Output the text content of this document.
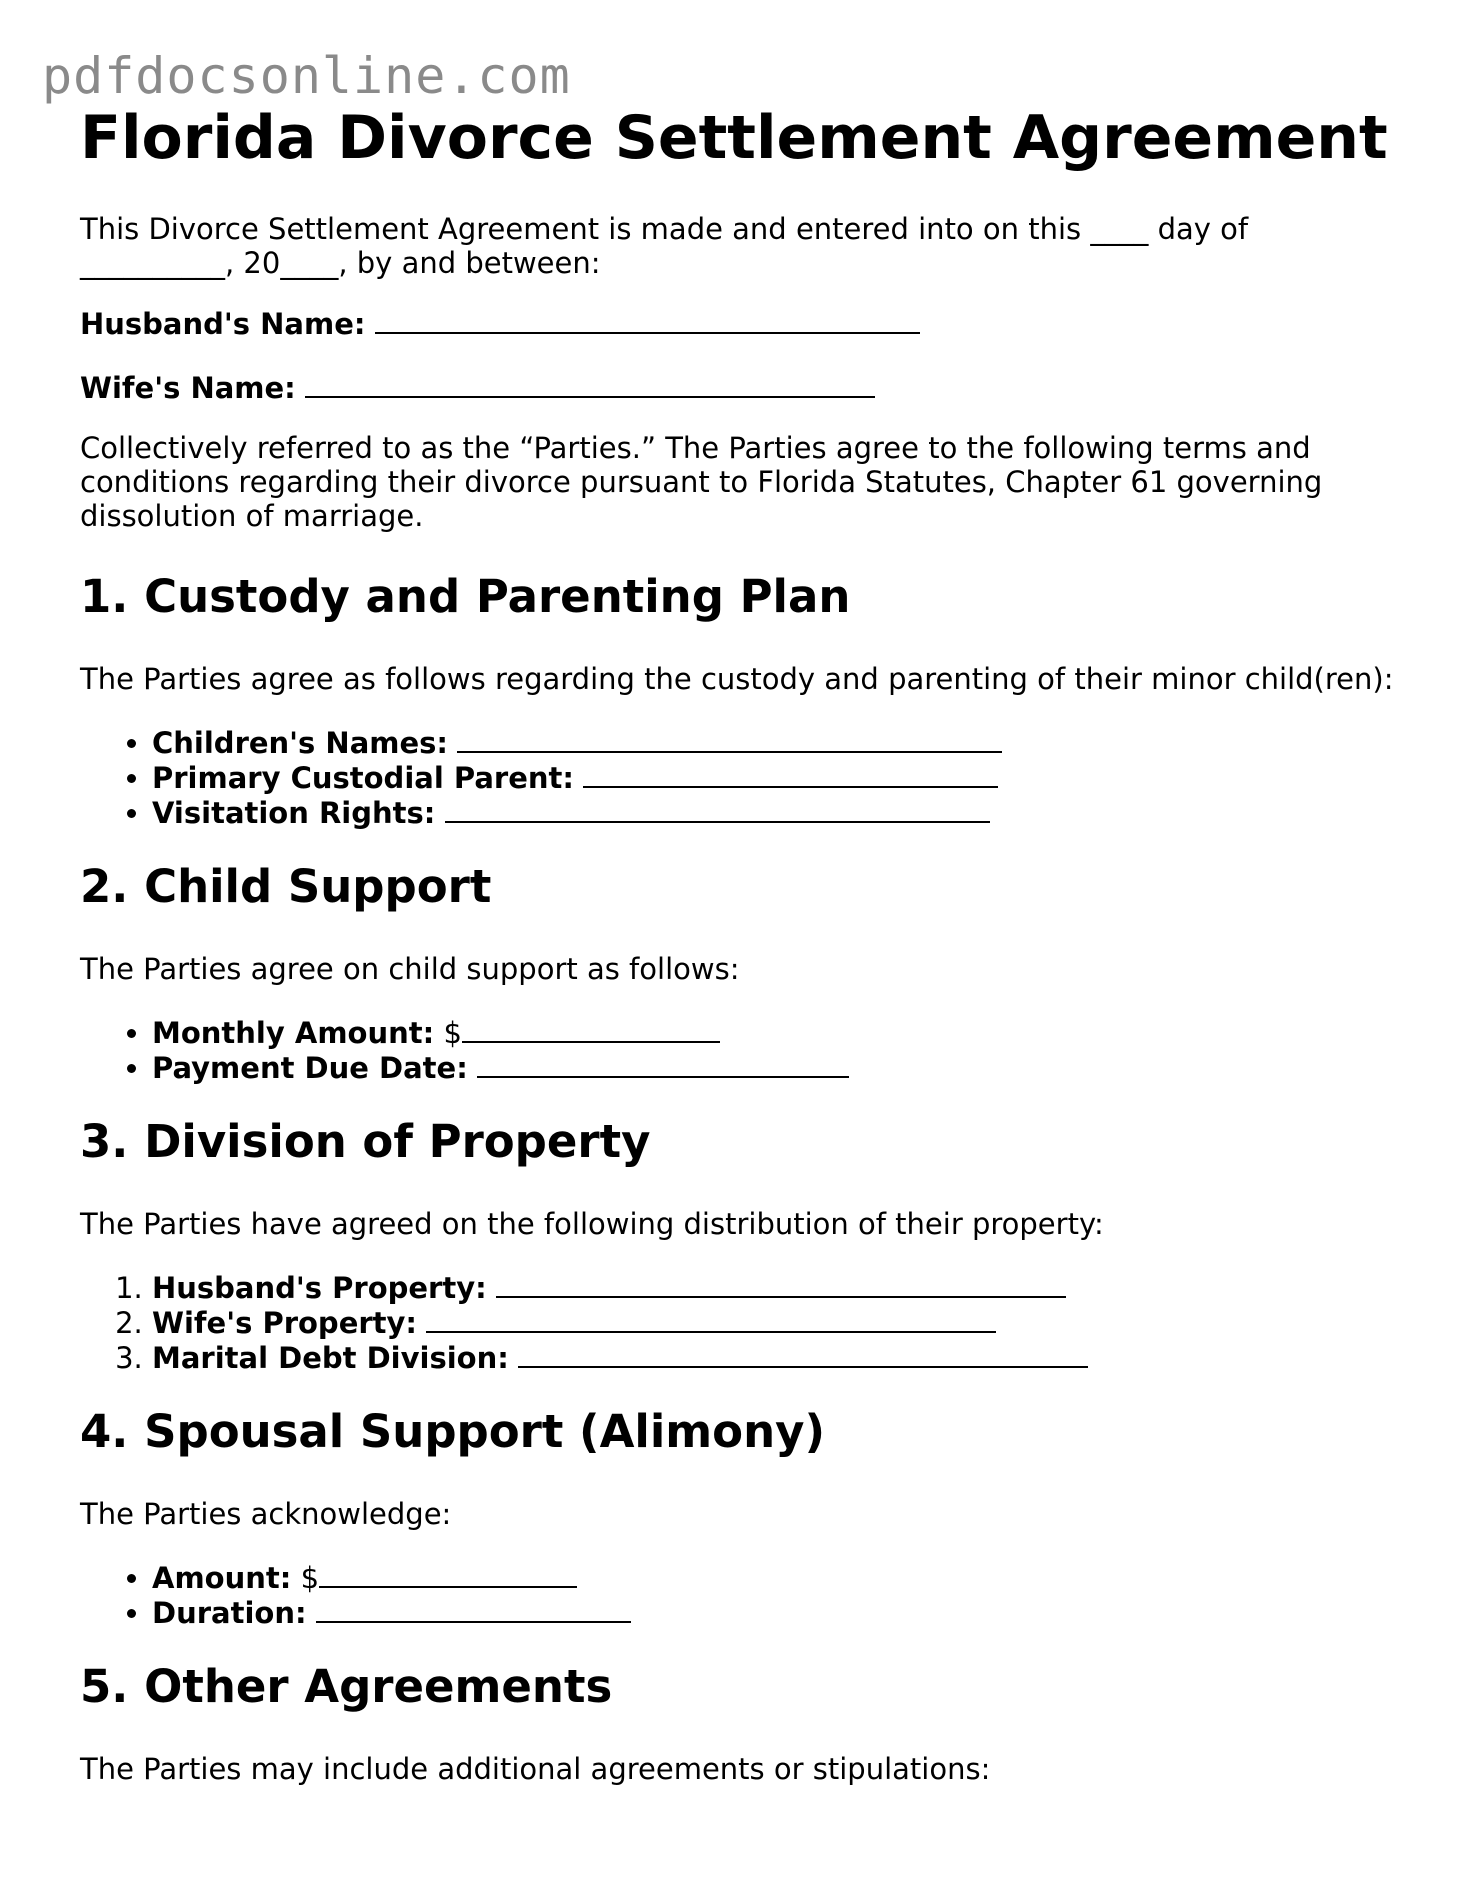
pdfdocsonline.com
Florida Divorce Settlement Agreement

This Divorce Settlement Agreement is made and entered into on this ____ day of __________, 20____, by and between:

Husband's Name:
Wife's Name:

Collectively referred to as the “Parties.” The Parties agree to the following terms and conditions regarding their divorce pursuant to Florida Statutes, Chapter 61 governing dissolution of marriage.

1. Custody and Parenting Plan

The Parties agree as follows regarding the custody and parenting of their minor child(ren):

• Children's Names:
• Primary Custodial Parent:
• Visitation Rights:
2. Child Support

The Parties agree on child support as follows:

• Monthly Amount: $
• Payment Due Date:
3. Division of Property

The Parties have agreed on the following distribution of their property:

1. Husband's Property:
2. Wife's Property:
3. Marital Debt Division:
4. Spousal Support (Alimony)

The Parties acknowledge:

• Amount: $
• Duration:
5. Other Agreements

The Parties may include additional agreements or stipulations:
